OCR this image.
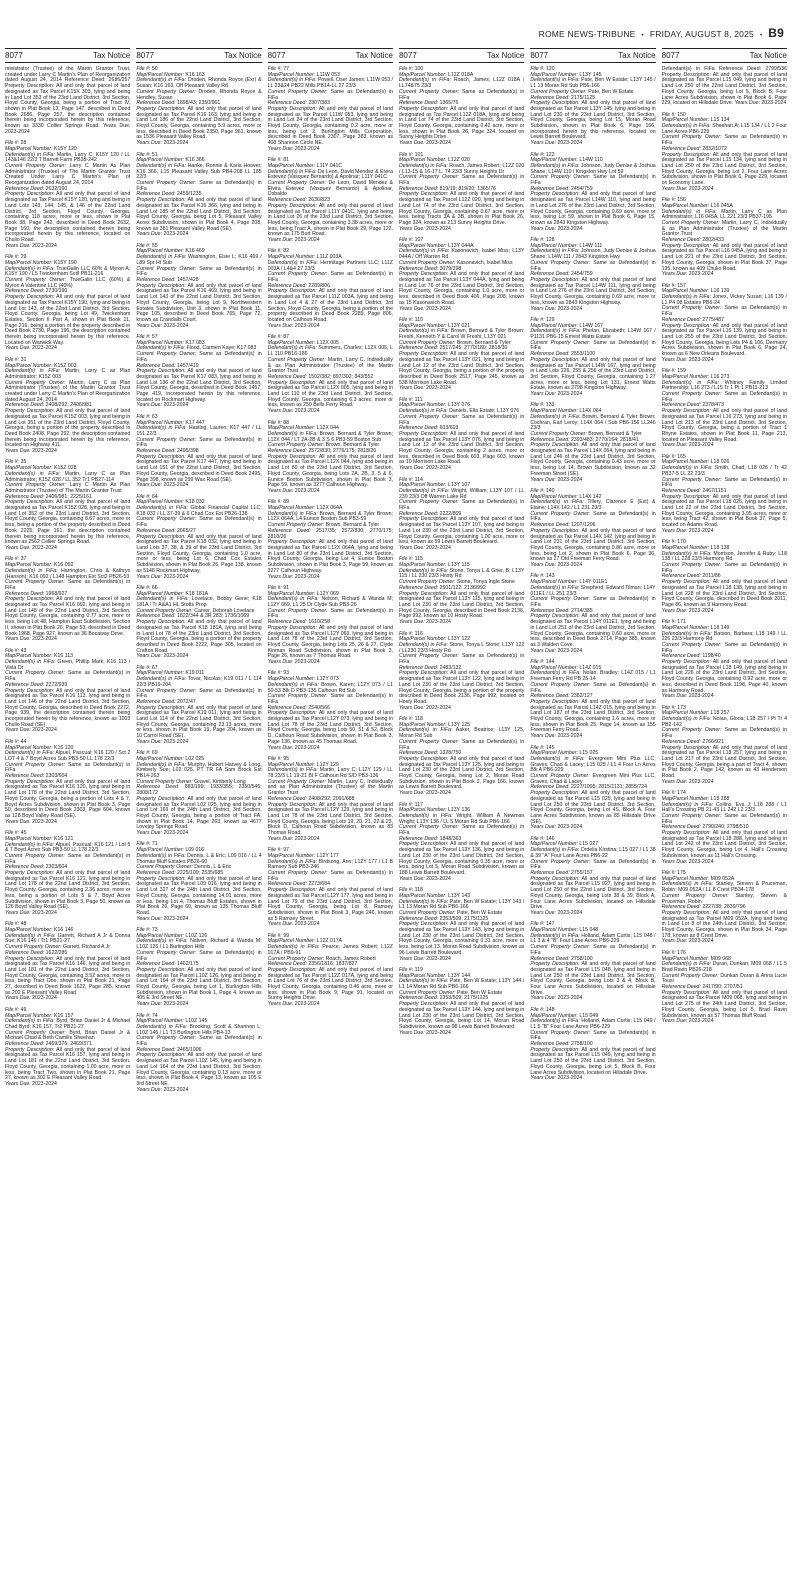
ROME NEWS-TRIBUNE • FRIDAY, AUGUST 8, 2025 • B9
8077	Tax Notice
ministrator (Trustee) of the Martin Grantor Trust, created under Larry C Martin's Plan of Reorganization dated August 24, 2014 Reference Deed: 2686/257 Property Description: All and only that parcel of land designated as Tax Parcel K15X 303, lying and being in Land Lot 353 of the 23rd Land District, 3rd Section, Floyd County, Georgia, being a portion of Tract IV, shown in Plat Book 13, Page 147, described in Deed Book 2686, Page 257, the description contained therein being incorporated herein by this reference, known as 3330 Collier Springs Road. Years Due: 2023-2024

File #: 28

Map/Parcel Number: K15Y 120

Defendant(s) in FiFa: Martin, Larry C; K15Y 120 / LL 143&146 22/3 T Barrett Farm PB38-242

Current Property Owner: Larry C Martin As Plan Administrator (Trustee) of The Martin Grantor Trust Created Under Larry C Martin's Plan of Reorganization dated August 24, 2014

Reference Deed: 2632/160

Property Description: All and only that parcel of land designated as Tax Parcel K15Y 120, lying and being in Land Lots 143, 144, 145, & 146 of the 22nd Land District, 3rd Section, Floyd County, Georgia, containing 118 acres, more or less, shown in Plat Book 38, Page 242, described in Deed Book 2632, Page 160, the description contained therein being incorporated herein by this reference, located on Chulio Road.

Years Due: 2023-2024

File #: 29

Map/Parcel Number: K15Y 190

Defendant(s) in FiFa: TrueGalin LLC 60% & Myron A; K15Y 190 / L5 Twickenham Sctll PB11-216

Current Property Owner: TrueGalin LLC (60%) & Myron A Valentine LLC (40%)

Reference Deed: 2730/196

Property Description: All and only that parcel of land designated as Tax Parcel K15Y 190, lying and being in Land Lot 143, of the 22nd Land District, 3rd Section, Floyd County, Georgia, being Lot 49, Twickenham Estates, Section II Part A, shown in Plat Book 11, Page 216, being a portion of the property described in Deed Book 2730, Page 196, the description contained therein being incorporated herein by this reference. Located on Warwick Way.

Years Due: 2023-2024

File #: 31

Map/Parcel Number: K15Z 003

Defendant(s) in FiFa: Martin, Larry C as Plan Administrator; K15Z 003

Current Property Owner: Martin, Larry C as Plan Administrator (Trustee) of the Martin Grantor Trust created under Larry C Martin's Plan of Reorganization dated August 24, 2014

Reference Deed: 2408/292; 2406/981

Property Description: All and only that parcel of land designated as Tax Parcel K15Z 003, lying and being in Land Lot 351 of the 23rd Land District, Floyd County, Georgia, being a portion of the property described in Deed Book 2408, Page 292, the description contained therein being incorporated herein by this reference, located on Highway 411.

Years Due: 2023-2024

File #: 35

Map/Parcel Number: K15Z 028

Defendant(s) in FiFa: Martin, Larry C as Plan Administrator; K15Z 028 / LL 352 Tr1 PB27-114

Current Property Owner: Larry C Martin As Plan Administrator (Trustee) of The Martin Grantor Trust

Reference Deed: 2406/981; 2225/161

Property Description: All and only that parcel of land designated as Tax Parcel K15Z 028, lying and being in Land Lot 352 of the 23rd Land District, 3rd Section, Floyd County, Georgia, containing 8.67 acres, more or less, being a portion of the property described in Deed Book 2225, Page 161, the description contained therein being incorporated herein by this reference, known as 2562 Collier Springs Road.

Years Due: 2023-2024

File #: 37

Map/Parcel Number: K16 092

Defendant(s) in FiFa: Harrington, Chris & Kathryn (Hanson); K16 092 / L148 Hampton Est Sct2 PB26-53

Current Property Owner: Same as Defendant(s) in FiFa

Reference Deed: 1968/927

Property Description: All and only that parcel of land designated as Tax Parcel K16 092, lying and being in Land Lot 148 of the 22nd Land District, 3rd Section, Floyd County, Georgia, containing 0.77 acre, more or less, being Lot 48, Hampton East Subdivision, Section II, shown in Plat Book 26, Page 53, described in Deed Book 1968, Page 927, known as 36 Bocaway Drive.

Years Due: 2023-2024

File #: 43

Map/Parcel Number: K16 113

Defendant(s) in FiFa: Green, Phillip Mark; K16 113 / Vista Dr

Current Property Owner: Same as Defendant(s) in FiFa

Reference Deed: 2272/939

Property Description: All and only that parcel of land designated as Tax Parcel K16 113, lying and being in Land Lot 146 of the 22nd Land District, 3rd Section, Floyd County, Georgia, described in Deed Book 2272, Page 939, the description contained therein being incorporated herein by this reference, known as 1003 Chulio Road (SE).

Years Due: 2023-2024

File #: 44

Map/Parcel Number: K16 120

Defendant(s) in FiFa: Alpuel, Pascual; K16 120 / Sct 2 LOT 4 & 7 Boyd Acres Sub PB3-50 LL 178 22/3

Current Property Owner: Same as Defendant(s) in FiFa

Reference Deed: 2303/604

Property Description: All and only that parcel of land designated as Tax Parcel K16 120, lying and being in Land Lot 178 of the 22nd Land District, 3rd Section, Floyd County, Georgia, being a portion of Lots 4 & 7, Boyd Acres Subdivision, shown in Plat Book 3, Page 50, described in Deed Book 2303, Page 604, known as 128 Boyd Valley Road (SE).

Years Due: 2023-2024

File #: 45

Map/Parcel Number: K16 121

Defendant(s) in FiFa: Alpuel, Pascual; K16 121 / Lot 5 & 7 Boyd Acres Sub PB3-50 LL 178 22/3

Current Property Owner: Same as Defendant(s) in FiFa

Reference Deed: 2303/604

Property Description: All and only that parcel of land designated as Tax Parcel K16 121, lying and being in Land Lot 178 of the 22nd Land District, 3rd Section, Floyd County, Georgia, containing 2.36 acres, more or less, being a portion of Lots 5 & 7, Boyd Acres Subdivision, shown in Plat Book 3, Page 50, known as 126 Boyd Valley Road (SE).

Years Due: 2023-2024

File #: 48

Map/Parcel Number: K16 146

Defendant(s) in FiFa: Garrett, Richard A Jr & Donna Sue; K16 146 / Tr1 PB21-27

Current Property Owner: Garrett, Richard A Jr

Reference Deed: 1622/285

Property Description: All and only that parcel of land designated as Tax Parcel K16 146, lying and being in Land Lot 181 of the 22nd Land District, 3rd Section, Floyd County, Georgia, containing 3.52 acres, more or less, being Tract One, shown in Plat Book 21, Page 27, described in Deed Book 1622, Page 285, known as 202 E Pleasant Valley Road.

Years Due: 2023-2024

File #: 49

Map/Parcel Number: K16 157

Defendant(s) in FiFa: Byrd, Brian Daniel Jr & Michael Chad Byrd; K16 157, Tr2 PB21-27

Current Property Owner: Byrd, Brian Daniel Jr & Michael Chad & Beth Camille Sheehan

Reference Deed: 2469/376; 2469/371

Property Description: All and only that parcel of land designated as Tax Parcel K16 157, lying and being in Land Lot 181 of the 22nd Land District, 3rd Section, Floyd County, Georgia, containing 1.00 acre, more or less, being Tract Two, shown in Plat Book 21, Page 27, known as 302 E Pleasant Valley Road.

Years Due: 2023-2024

8077	Tax Notice

File #: 50

Map/Parcel Number: K16 163

Defendant(s) in FiFa: Droden, Rhonda Royce (Exr) & Susan; K16 163, Off Pleasant Valley Rd

Current Property Owner: Droden, Rhonda Royce & Hendley, Susan

Reference Deed: 1898/43; 2350/961

Property Description: All and only that parcel of land designated as Tax Parcel K16 163, lying and being in Land Lot 186 of the 22nd Land District, 3rd Section, Floyd County, Georgia, containing 5.9 acres, more or less, described in Deed Book 2350, Page 961, known as 1536 Pleasant Valley Road.

Years Due: 2023-2024

File #: 51

Map/Parcel Number: K16 366

Defendant(s) in FiFa: Hanke, Ronnie & Karla Hoover; K16 366, L15 Pleasant Valley Sub PB4-208 LL 185 22/3

Current Property Owner: Same as Defendant(s) in FiFa

Reference Deed: 2459/1235

Property Description: All and only that parcel of land designated as Tax Parcel K16 366, lying and being in Land Lot 185 of the 22nd Land District, 3rd Section, Floyd County, Georgia, being Lot 5, Pleasant Valley Acres Subdivision, shown in Plat Book 4, Page 208, known as 381 Pleasant Valley Road (SE).

Years Due: 2023-2024

File #: 55

Map/Parcel Number: K16 469

Defendant(s) in FiFa: Washington, Elsie L; K16 469 / L89 Spr Ht Sub

Current Property Owner: Same as Defendant(s) in FiFa

Reference Deed: 1457/428

Property Description: All and only that parcel of land designated as Tax Parcel K16 469, lying and being in Land Lot 143 of the 22nd Land District, 3rd Section, Floyd County, Georgia, being Lot 9, Northwestern Estates Subdivision, Unit 3, shown in Plat Book 11, Page 105, described in Deed Book 765, Page 72, known as Crandalls Court.

Years Due: 2023-2024

File #: 57

Map/Parcel Number: K17 083

Defendant(s) in FiFa: Flood, Carmen Kaye; K17 083

Current Property Owner: Same as Defendant(s) in FiFa

Reference Deed: 1457/419

Property Description: All and only that parcel of land designated as Tax Parcel K17 083, lying and being in Land Lot 136 of the 22nd Land District, 3rd Section, Floyd County, Georgia, described in Deed Book 1457, Page 419, incorporated herein by this reference, located on Rockmart Highway.

Years Due: 2023-2024

File #: 63

Map/Parcel Number: K17 447

Defendant(s) in FiFa: Hasting, Lauren; K17 447 / LL 151 22/3

Current Property Owner: Same as Defendant(s) in FiFa

Reference Deed: 2495/398

Property Description: All and only that parcel of land designated as Tax Parcel K17 447, lying and being in Land Lot 151 of the 22nd Land District, 3rd Section, Floyd County, Georgia, described in Deed Book 2495, Page 398, known as 299 Wax Road (SE).

Years Due: 2023-2024

File #: 64

Map/Parcel Number: K18 032

Defendant(s) in FiFa: Global Financial Capital LLC; K18 032 / LL 37-39 & 6 Chad Cox Est PB26-138

Current Property Owner: Same as Defendant(s) in FiFa

Reference Deed: 2665/27

Property Description: All and only that parcel of land designated as Tax Parcel K18 032, lying and being in Land Lots 37, 38, & 39 of the 23rd Land District, 3rd Section, Floyd County, Georgia, containing 1.0 acre, more or less, being Lot 6, Chad Cox Estates Subdivision, shown in Plat Book 26, Page 138, known as 5148 Rockmart Highway.

Years Due: 2023-2024

File #: 66

Map/Parcel Number: K18 181A

Defendant(s) in FiFa: Lovelace, Bobby Gene; K18 181A / Tr A&A1 HL Stotts Prop

Current Property Owner: Carver, Deborah Lovelace

Reference Deed: 1822/344 & 3R 283; 1736/1069

Property Description: All and only that parcel of land designated as Tax Parcel K18 181A, lying and being in Land Lot 78 of the 23rd Land District, 3rd Section, Floyd County, Georgia, being a portion of the property described in Deed Book 2222, Page 305, located on Crafton Road.

Years Due: 2023-2024

File #: 67

Map/Parcel Number: K19 011

Defendant(s) in FiFa: Tovar, Nicolas; K19 011 / L 114 22/3 PB19-204

Current Property Owner: Same as Defendant(s) in FiFa

Reference Deed: 2072/47

Property Description: All and only that parcel of land designated as Tax Parcel K19 011, lying and being in Land Lot 114 of the 22nd Land District, 3rd Section, Floyd County, Georgia, containing 23.13 acres, more or less, shown in Plat Book 19, Page 204, known as 10 Carrol Road (SE).

Years Due: 2023-2024

File #: 69

Map/Parcel Number: L02 025

Defendant(s) in FiFa: Murphy, Hubert Harvey & Long, Kimberly Sue; L02 025, PT TR FA Sam Brock Est PB14-263

Current Property Owner: Gravel, Kimberly Long

Reference Deed: 883/199; 1933/355; 2350/546; 2808/172

Property Description: All and only that parcel of land designated as Tax Parcel L02 025, lying and being in Land Lot 169 of the 24th Land District, 3rd Section, Floyd County, Georgia, being a portion of Tract FA, shown in Plat Book 14, Page 263, known as 4677 Lovejoy Springs Road.

Years Due: 2023-2024

File #: 71

Map/Parcel Number: L09 016

Defendant(s) in FiFa: Dennis, L & Eric; L09 016 / LL 4 Thomas Bluff Estates PB26-60

Current Property Owner: Dennis, L & Eric

Reference Deed: 2225/109; 2535/685

Property Description: All and only that parcel of land designated as Tax Parcel L09 016, lying and being in Land Lot 327 of the 24th Land District, 3rd Section, Floyd County, Georgia, containing 14.01 acres, more or less, being Lot 4, Thomas Bluff Estates, shown in Plat Book 26, Page 60, known as 135 Thomas Bluff Road.

Years Due: 2023-2024

File #: 73

Map/Parcel Number: L10Z 126

Defendant(s) in FiFa: Nalven, Richard & Wanda M; L10Z 126 / L1 Burlington Hills

Current Property Owner: Same as Defendant(s) in FiFa

Reference Deed: 1462/175

Property Description: All and only that parcel of land designated as Tax Parcel L10Z 126, lying and being in Land Lot 164 of the 23rd Land District, 3rd Section, Floyd County, Georgia, being Lot 1, Burlington Hills Subdivision, shown in Plat Book 1, Page 4, known as 405 E 3rd Street NE.

Years Due: 2023-2024

File #: 74

Map/Parcel Number: L10Z 145

Defendant(s) in FiFa: Brooking, Scott & Shannon L; L10Z 145 / L1 T3 Burlington Hills PB4-13

Current Property Owner: Same as Defendant(s) in FiFa

Reference Deed: 2465/1006

Property Description: All and only that parcel of land designated as Tax Parcel L10Z 145, lying and being in Land Lot 164 of the 23rd Land District, 3rd Section, Floyd County, Georgia, containing 0.13 acre, more or less, shown in Plat Book 4, Page 13, known as 105 E 3rd Street NE.

Years Due: 2023-2024

8077	Tax Notice

File #: 77

Map/Parcel Number: L11W 053

Defendant(s) in FiFa: Powell, Oser James; L11W 053 / LL 23&24 PB22 Mills PB14-LL 27 23/3

Current Property Owner: Same as Defendant(s) in FiFa

Reference Deed: 2307/383

Property Description: All and only that parcel of land designated as Tax Parcel L11W 053, lying and being in Land Lot 24 of the 23rd Land District, 3rd Section, Floyd County, Georgia, containing 0.2 acre, more or less, being Lot 2, Burlington Mills Corporation, described in Deed Book 2307, Page 383, known as 408 Shannon Circle NE.

Years Due: 2023-2024

File #: 81

Map/Parcel Number: L11Y 041C

Defendant(s) in FiFa: De Leon, David Mendez & Elvira Estevez (Vasquez Bernardo) & Apolinar; L11Y 041C

Current Property Owner: De Leon, David Mendez & Elvira Estevez (Vasquez Bernardo) & Apolinar, Osbaldo

Reference Deed: 2636/823

Property Description: All and only that parcel of land designated as Tax Parcel L11Y 041C, lying and being in Land Lot 26 of the 23rd Land District, 3rd Section, Floyd County, Georgia, containing 3.38 acres, more or less, being Tract A, shown in Plat Book 29, Page 122, known as 175 Burt Road.

Years Due: 2023-2024

File #: 82

Map/Parcel Number: L11Z 003A

Defendant(s) in FiFa: Hermitage Partners LLC; L11Z 003A / L4&4 27 23/3

Current Property Owner: Same as Defendant(s) in FiFa

Reference Deed: 2289/806

Property Description: All and only that parcel of land designated as Tax Parcel L11Z 003A, lying and being in Land Lot 4 & 27 of the 23rd Land District, 3rd Section, Floyd County, Georgia, being a portion of the property described in Deed Book 2289, Page 806, located on Calhoun Road.

Years Due: 2023-2024

File #: 87

Map/Parcel Number: L12X 005

Defendant(s) in FiFa: Summers, Charles; L12X 005, L LL 110 PB16-186

Current Property Owner: Martin, Larry C, Individually & as Plan Administrator (Trustee) of the Martin Grantor Trust

Reference Deed: 1502/382; 897/302; 843/552

Property Description: All and only that parcel of land designated as Tax Parcel L12X 005, lying and being in Land Lot 110 of the 23rd Land District, 3rd Section, Floyd County, Georgia, containing 6.3 acres, more or less, known as 250 Bells Ferry Road.

Years Due: 2023-2024

File #: 88

Map/Parcel Number: L12X 044

Defendant(s) in FiFa: Brown, Bernard & Tyler Brown; L12X 044 / LT 2A-2B & 3 S 6 PB3-59 Boston Sub

Current Property Owner: Brown, Bernard & Tyler

Reference Deed: 2572/830; 2776/175; 2818/26

Property Description: All and only that parcel of land designated as Tax Parcel L12X 044, lying and being in Land Lot 80 of the 23rd Land District, 3rd Section, Floyd County, Georgia, being Lots 2A, 2B, 3, 5 & 6, Eunice Boston Subdivision, shown in Plat Book 3, Page 59, known as 3277 Calhoun Highway.

Years Due: 2023-2024

File #: 89

Map/Parcel Number: L12X 064A

Defendant(s) in FiFa: Brown, Bernard & Tyler Brown; L12X 064A, L4 Eunice Boston Sub PB3-59

Current Property Owner: Brown, Bernard & Tyler

Reference Deed: 2517/35; 2572/830; 2770/175; 2818/26

Property Description: All and only that parcel of land designated as Tax Parcel L12X 064A, lying and being in Land Lot 80 of the 23rd Land District, 3rd Section, Floyd County, Georgia, being Lot 4, Eunice Boston Subdivision, shown in Plat Book 3, Page 59, known as 3277 Calhoun Highway.

Years Due: 2023-2024

File #: 91

Map/Parcel Number: L12Y 069

Defendant(s) in FiFa: Nelson, Richard & Wanda M; L12Y 069, L1 25 Dr Clyde Sub PB3-26

Current Property Owner: Same as Defendant(s) in FiFa

Reference Deed: 1610/258

Property Description: All and only that parcel of land designated as Tax Parcel L12Y 069, lying and being in Land Lot 78 of the 23rd Land District, 3rd Section, Floyd County, Georgia, being Lots 25, 26 & 27, Clyde Kinman Road Subdivision, shown in Plat Book 3, Page 26, known as 7 Thomas Road.

Years Due: 2023-2024

File #: 93

Map/Parcel Number: L12Y 073

Defendant(s) in FiFa: Brown, Karen; L12Y 073 / L1 50-53 Blk D PB3-136 Calhoun Rd Sub

Current Property Owner: Same as Defendant(s) in FiFa

Reference Deed: 2540/566

Property Description: All and only that parcel of land designated as Tax Parcel L12Y 073, lying and being in Land Lot 78 of the 23rd Land District, 3rd Section, Floyd County, Georgia, being Lots 50, 51 & 52, Block D, Calhoun Road Subdivision, shown in Plat Book 3, Page 136, known as 45 Thomas Road.

Years Due: 2023-2024

File #: 95

Map/Parcel Number: L12Y 129

Defendant(s) in FiFa: Martin, Larry C; L12Y 129 / LL 78 23/3 L1 19-21 BI F Calhoun Rd S/D PB3-136

Current Property Owner: Martin, Larry C, Individually and as Plan Administrator (Trustee) of the Martin Grantor Trust

Reference Deed: 2408/292; 2091/688

Property Description: All and only that parcel of land designated as Tax Parcel L12Y 129, lying and being in Land Lot 78 of the 23rd Land District, 3rd Section, Floyd County, Georgia, being Lots 19, 20, 21, 22 & 23, Block D, Calhoun Road Subdivision, known as 83 Thomas Road.

Years Due: 2023-2024

File #: 97

Map/Parcel Number: L12Y 177

Defendant(s) in FiFa: Birdsong, Ann; L12Y 177 / L1 B Ramsey Sub PB3-246

Current Property Owner: Same as Defendant(s) in FiFa

Reference Deed: 2273/684

Property Description: All and only that parcel of land designated as Tax Parcel L12Y 177, lying and being in Land Lot 79 of the 23rd Land District, 3rd Section, Floyd County, Georgia, being Lot 8, Ramsey Subdivision, shown in Plat Book 3, Page 246, known as 5 Ramsey Street.

Years Due: 2023-2024

File #: 99

Map/Parcel Number: L12Z 017A

Defendant(s) in FiFa: Pearce, James Robert; L12Z 017A / PB9-91

Current Property Owner: Roach, James Robert

Reference Deed: 2356/1816; 1837/827

Property Description: All and only that parcel of land designated as Tax Parcel L12Z 017A, lying and being in Land Lot 76 of the 23rd Land District, 3rd Section, Floyd County, Georgia, containing 0.46 acre, more or less, shown in Plat Book 9, Page 91, located on Sunny Heights Drive.

Years Due: 2023-2024

8077	Tax Notice

File #: 100

Map/Parcel Number: L12Z 018A

Defendant(s) in FiFa: Roach, James; L12Z 018A / LL74&75 23/3

Current Property Owner: Same as Defendant(s) in FiFa

Reference Deed: 1365/76

Property Description: All and only that parcel of land designated as Tax Parcel L12Z 018A, lying and being in Land Lot 74 of the 23rd Land District, 3rd Section, Floyd County, Georgia, containing 0.42 acre, more or less, shown in Plat Book 26, Page 324, located on Sunny Heights Drive.

Years Due: 2023-2024

File #: 101

Map/Parcel Number: L12Z 020

Defendant(s) in FiFa: Roach, James Robert; L12Z 020 / L13-15 & 16-17 L. 74 23/3 Sunny Heights Dr

Current Property Owner: Same as Defendant(s) in FiFa

Reference Deed: 819/19; 819/20; 1365/76

Property Description: All and only that parcel of land designated as Tax Parcel L12Z 020, lying and being in Land Lot 74 of the 23rd Land District, 3rd Section, Floyd County, Georgia, containing 0.67 acre, more or less, being Tracts 3A & 3B, shown in Plat Book 26, Page 324, known as 213 Sunny Heights Drive.

Years Due: 2023-2024

File #: 107

Map/Parcel Number: L13Y 044A

Defendant(s) in FiFa: Kasonavich, Isabel Miss; L13Y 044A / Off Warren Rd

Current Property Owner: Kasonavich, Isabel Miss

Reference Deed: 3079/298

Property Description: All and only that parcel of land designated as Tax Parcel L13Y 044A, lying and being in Land Lot 76 of the 23rd Land District, 3rd Section, Floyd County, Georgia, containing 1.0 acre, more or less, described in Deed Book 406, Page 208, known as 15 Kasonavich Road.

Years Due: 2023-2024

File #: 110

Map/Parcel Number: L13Y 021

Defendant(s) in FiFa: Brown, Bernard & Tyler Brown; Freshi, Kenneth Y & Carol W Freshi; L13Y 021

Current Property Owner: Brown, Bernard & Tyler

Reference Deed: 2517/245; 2770/180; 2818/30

Property Description: All and only that parcel of land designated as Tax Parcel L13Y 021, lying and being in Land Lot 12 of the 23rd Land District, 3rd Section, Floyd County, Georgia, being a portion of the property described in Deed Book 2517, Page 245, known as 538 Morrison Lake Road.

Years Due: 2023-2024

File #: 111

Map/Parcel Number: L13Y 076

Defendant(s) in FiFa: Daniels, Ella Estate; L13Y 076

Current Property Owner: Same as Defendant(s) in FiFa

Reference Deed: 603/603

Property Description: All and only that parcel of land designated as Tax Parcel L13Y 076, lying and being in Land Lot 12 of the 23rd Land District, 3rd Section, Floyd County, Georgia, containing 2 acres, more or less, described in Deed Book 603, Page 603, known as 10 Morrison Lake Road.

Years Due: 2023-2024

File #: 114

Map/Parcel Number: L13Y 107

Defendant(s) in FiFa: Wright, William; L13Y 107 / LL 230 23/3 Off Warren Lake Rd

Current Property Owner: Same as Defendant(s) in FiFa

Reference Deed: 2222/809

Property Description: All and only that parcel of land designated as Tax Parcel L13Y 107, lying and being in Land Lot 230 of the 23rd Land District, 3rd Section, Floyd County, Georgia, containing 1.00 acre, more or less, known as 59 Lewis Barrett Boulevard.

Years Due: 2023-2024

File #: 115

Map/Parcel Number: L13Y 115

Defendant(s) in FiFa: Stone, Tonya L & Grier, B; L13Y 115 / LL 230 23/3 Hosty Rd

Current Property Owner: Stone, Tonya Ingle Stone

Reference Deed: 2601/122; 2136/992

Property Description: All and only that parcel of land designated as Tax Parcel L13Y 115, lying and being in Land Lot 230 of the 23rd Land District, 3rd Section, Floyd County, Georgia, described in Deed Book 2136, Page 992, known as 10 Hosty Road.

Years Due: 2023-2024

File #: 116

Map/Parcel Number: L13Y 122

Defendant(s) in FiFa: Stone, Tonya L Stone; L13Y 122 / LL230 23/3 Hosty Rd

Current Property Owner: Same as Defendant(s) in FiFa

Reference Deed: 2483/132

Property Description: All and only that parcel of land designated as Tax Parcel L13Y 122, lying and being in Land Lot 230 of the 23rd Land District, 3rd Section, Floyd County, Georgia, being a portion of the property described in Deed Book 2136, Page 992, located on Hosty Road.

Years Due: 2023-2024

File #: 118

Map/Parcel Number: L13Y 125

Defendant(s) in FiFa: Aaker, Beatrice; L13Y 125, Moran Rd Sub

Current Property Owner: Same as Defendant(s) in FiFa

Reference Deed: 1328/750

Property Description: All and only that parcel of land designated as Tax Parcel L13Y 125, lying and being in Land Lot 230 of the 23rd Land District, 3rd Section, Floyd County, Georgia, being Lot 2, Moran Road Subdivision, shown in Plat Book 2, Page 166, known as Lewis Barrett Boulevard.

Years Due: 2023-2024

File #: 117

Map/Parcel Number: L13Y 136

Defendant(s) in FiFa: Wright, William A Newman Wright; L13Y 136 / LL 5 Moran Rd Sub PB6-166

Current Property Owner: Same as Defendant(s) in FiFa

Reference Deed: 1848/363

Property Description: All and only that parcel of land designated as Tax Parcel L13Y 136, lying and being in Land Lot 230 of the 23rd Land District, 3rd Section, Floyd County, Georgia, containing 0.35 acre, more or less, being Lot 5, Moran Road Subdivision, known as 188 Lewis Barrett Boulevard.

Years Due: 2023-2024

File #: 118

Map/Parcel Number: L13Y 143

Defendant(s) in FiFa: Pate, Ben W Estate; L13Y 143 / L1 13 Moran Rd Sub PB6-166

Current Property Owner: Pate, Ben W Estate

Reference Deed: 2353/509; 2175/1125

Property Description: All and only that parcel of land designated as Tax Parcel L13Y 143, lying and being in Land Lot 230 of the 23rd Land District, 3rd Section, Floyd County, Georgia, containing 0.31 acre, more or less, being Lot 13, Moran Road Subdivision, known as 96 Lewis Barrett Boulevard.

Years Due: 2023-2024

File #: 119

Map/Parcel Number: L13Y 144

Defendant(s) in FiFa: Pate, Ben W Estate; L13Y 144 / L1 14 Moran Rd Sub PB6-166

Current Property Owner: Pate, Ben W Estate

Reference Deed: 2353/509; 2175/1125

Property Description: All and only that parcel of land designated as Tax Parcel L13Y 144, lying and being in Land Lot 230 of the 23rd Land District, 3rd Section, Floyd County, Georgia, being Lot 14, Moran Road Subdivision, known as 98 Lewis Barrett Boulevard.

Years Due: 2023-2024

8077	Tax Notice

File #: 120

Map/Parcel Number: L13Y 145

Defendant(s) in FiFa: Pate, Ben W Estate; L13Y 145 / L1 13 Moran Rd Sub PB6-166

Current Property Owner: Pate, Ben W Estate

Reference Deed: 2175/1125

Property Description: All and only that parcel of land designated as Tax Parcel L13Y 145, lying and being in Land Lot 230 of the 23rd Land District, 3rd Section, Floyd County, Georgia, being Lot 15, Moran Road Subdivision, shown in Plat Book 6, Page 166, incorporated herein by this reference, located on Lewis Barrett Boulevard.

Years Due: 2023-2024

File #: 122

Map/Parcel Number: L14W 110

Defendant(s) in FiFa: Johnson, Judy Denise & Joshua Shane; L14W 110 / Kingston Hwy Lot 59

Current Property Owner: Same as Defendant(s) in FiFa

Reference Deed: 2454/759

Property Description: All and only that parcel of land designated as Tax Parcel L14W 110, lying and being in Land Lot 276 of the 23rd Land District, 3rd Section, Floyd County, Georgia, containing 0.69 acre, more or less, being Lot 59, shown in Plat Book 6, Page 15, known as 2843 Kingston Highway.

Years Due: 2023-2024

File #: 128

Map/Parcel Number: L14W 111

Defendant(s) in FiFa: Johnson, Judy Denise & Joshua Shane; L14W 111 / 2843 Kingston Hwy

Current Property Owner: Same as Defendant(s) in FiFa

Reference Deed: 2454/759

Property Description: All and only that parcel of land designated as Tax Parcel L14W 111, lying and being in Land Lot 276 of the 23rd Land District, 3rd Section, Floyd County, Georgia, containing 0.69 acre, more or less, known as 2843 Kingston Highway.

Years Due: 2023-2024

File #: 129

Map/Parcel Number: L14W 167

Defendant(s) in FiFa: Phelan, Elizabeth; L14W 167 / P1131 PB6-15 Ernest Watts Estate

Current Property Owner: Same as Defendant(s) in FiFa

Reference Deed: 2553/1100

Property Description: All and only that parcel of land designated as Tax Parcel L14W 167, lying and being in Land Lots 226, 255 & 256 of the 23rd Land District, 3rd Section, Floyd County, Georgia, containing 1.27 acres, more or less, being Lot 131, Ernest Watts Estate, known as 2798 Kingston Highway.

Years Due: 2023-2024

File #: 133

Map/Parcel Number: L14X 064

Defendant(s) in FiFa: Brown, Bernard & Tyler Brown; Cochran, Earl Leroy; L14X 064 / Sub PB6-156 LL246 23/3

Current Property Owner: Brown, Bernard & Tyler

Reference Deed: 2393/483; 2770/164; 2818/41

Property Description: All and only that parcel of land designated as Tax Parcel L14X 064, lying and being in Land Lot 246 of the 23rd Land District, 3rd Section, Floyd County, Georgia, containing 0.43 acre, more or less, being Lot 14, Brown Subdivision, known as 32 Freeman Street (SE).

Years Due: 2023-2024

File #: 140

Map/Parcel Number: L14X 142

Defendant(s) in FiFa: Tillery, Clarence E (Est) & Elaine; L14X 142 / L1 231 23/3

Current Property Owner: Same as Defendant(s) in FiFa

Reference Deed: 1207/1206

Property Description: All and only that parcel of land designated as Tax Parcel L14X 142, lying and being in Land Lot 231 of the 23rd Land District, 3rd Section, Floyd County, Georgia, containing 0.86 acre, more or less, being Lot 2, shown in Plat Book 6, Page 36, known as 27 Old Freeman Ferry Road.

Years Due: 2023-2024

File #: 143

Map/Parcel Number: L14Y 011E1

Defendant(s) in FiFa: Shepherd, Edward Tilman; L14Y 011E1 / LL 251 23/3

Current Property Owner: Same as Defendant(s) in FiFa

Reference Deed: 2714/385

Property Description: All and only that parcel of land designated as Tax Parcel L14Y 011E1, lying and being in Land Lot 251 of the 23rd Land District, 3rd Section, Floyd County, Georgia, containing 0.60 acre, more or less, described in Deed Book 2714, Page 385, known as 3 Walden Cove.

Years Due: 2023-2024

File #: 144

Map/Parcel Number: L14Z 015

Defendant(s) in FiFa: Nolan, Bradley; L14Z 015 / L1 Freeman Ferry Rd PB 25-14

Current Property Owner: Same as Defendant(s) in FiFa

Reference Deed: 2382/127

Property Description: All and only that parcel of land designated as Tax Parcel L14Z 015, lying and being in Land Lot 187 of the 23rd Land District, 3rd Section, Floyd County, Georgia, containing 1.6 acres, more or less, shown in Plat Book 25, Page 14, known as 155 Freeman Ferry Road.

Years Due: 2023-2024

File #: 145

Map/Parcel Number: L15 025

Defendant(s) in FiFa: Evergreen Mini Plus LLC; Graves, Chad & Lacey; L15 025 / L1 4 Four Ln Acres Blk A PB6-229

Current Property Owner: Evergreen Mini Plus LLC, Graves, Chad & Lacey

Reference Deed: 2227/1095; 2815/1131; 2855/724

Property Description: All and only that parcel of land designated as Tax Parcel L15 025, lying and being in Land Lot 250 of the 23rd Land District, 3rd Section, Floyd County, Georgia, being Lot 4S, Block A, Four Lane Acres Subdivision, known as 85 Hillsdale Drive (SE).

Years Due: 2023-2024

File #: 146

Map/Parcel Number: L15 027

Defendant(s) in FiFa: Ordelia Kirstina; L15 027 / L1 38 & 39 "A" Four Lane Acres PB6-22

Current Property Owner: Same as Defendant(s) in FiFa

Reference Deed: 2755/157

Property Description: All and only that parcel of land designated as Tax Parcel L15 027, lying and being in Land Lot 250 of the 22nd Land District, 3rd Section, Floyd County, Georgia, being Lots 38 & 39, Block A, Four Lane Acres Subdivision, located on Hillsdale Drive.

Years Due: 2023-2024

File #: 147

Map/Parcel Number: L15 048

Defendant(s) in FiFa: Holland, Adam Curtis; L15 048 / L1 3 & 4 "B" Four Lane Acres PB6-229

Current Property Owner: Same as Defendant(s) in FiFa

Reference Deed: 2758/100

Property Description: All and only that parcel of land designated as Tax Parcel L15 048, lying and being in Land Lot 250 of the 23rd Land District, 3rd Section, Floyd County, Georgia, being Lots 3 & 4, Block B, Four Lane Acres Subdivision, located on Hillsdale Drive.

Years Due: 2023-2024

File #: 148

Map/Parcel Number: L15 049

Defendant(s) in FiFa: Holland, Adam Curtis; L15 049 / L1 5 "B" Four Lane Acres PB6-229

Current Property Owner: Same as Defendant(s) in FiFa

Reference Deed: 2758/100

Property Description: All and only that parcel of land designated as Tax Parcel L15 049, lying and being in Land Lot 250 of the 23rd Land District, 3rd Section, Floyd County, Georgia, being Lot 5, Block B, Four Lane Acres Subdivision, located on Hillsdale Drive.

Years Due: 2023-2024

8077	Tax Notice
Defendant(s) in FiFa Reference Deed: 2799/536 Property Description: All and only that parcel of land designated as Tax Parcel L15 049, lying and being in Land Lot 250 of the 22nd Land District, 3rd Section, Floyd County, Georgia, being Lot 5, Block B, Four Lane Acres Subdivision, shown in Plat Book 6, Page 229, located on Hillsdale Drive. Years Due: 2023-2024

File #: 150

Map/Parcel Number: L15 134

Defendant(s) in FiFa: Sheehan A; L15 134 / L1 2 Four Lane Acres PB6-229

Current Property Owner: Same as Defendant(s) in FiFa

Reference Deed: 2832/1072

Property Description: All and only that parcel of land designated as Tax Parcel L15 134, lying and being in Land Lot 250 of the 23rd Land District, 3rd Section, Floyd County, Georgia, being Lot 2, Four Lane Acres Subdivision, shown in Plat Book 6, Page 229, located on Economy Lane.

Years Due: 2023-2024

File #: 156

Map/Parcel Number: L16 045A

Defendant(s) in FiFa: Martin, Larry C as Plan Administrator; L16 045A, LL 221 23/3 PB37-195

Current Property Owner: Martin, Larry C, Individually & as Plan Administrator (Trustee) of the Martin Grantor Trust

Reference Deed: 2802/433

Property Description: All and only that parcel of land designated as Tax Parcel L16 045A, lying and being in Land Lot 221 of the 23rd Land District, 3rd Section, Floyd County, Georgia, shown in Plat Book 37, Page 195, known as 409 Chulio Road.

Years Due: 2023-2024

File #: 157

Map/Parcel Number: L16 139

Defendant(s) in FiFa: Jones, Vickey Susan; L16 139 / L1 P4 08 Estates PB6-24

Current Property Owner: Same as Defendant(s) in FiFa

Reference Deed: 2775/487

Property Description: All and only that parcel of land designated as Tax Parcel L16 139, lying and being in Land Lot 255 of the 23rd Land District, 3rd Section, Floyd County, Georgia, being Lots P4 & 106, Dermany Acres Subdivision, shown in Plat Book 6, Page 24, known as 6 New Orleans Boulevard.

Years Due: 2023-2024

File #: 159

Map/Parcel Number: L16 273

Defendant(s) in FiFa: Whitney Family Limited Partnership; L16 273 / L15 Tr 1 Pt 1 PB11-213

Current Property Owner: Same as Defendant(s) in FiFa

Reference Deed: 2378/473

Property Description: All and only that parcel of land designated as Tax Parcel L16 273, lying and being in Land Lot 213 of the 23rd Land District, 3rd Section, Floyd County, Georgia, being a portion of Tract 1 Rhyne Estates, shown in Plat Book 11, Page 213, located on Pleasant Valley Road.

Years Due: 2023-2024

File #: 165

Map/Parcel Number: L18 026

Defendant(s) in FiFa: Smith, Chad; L18 026 / Tr 42 PB37-5 LL 22 23/3

Current Property Owner: Same as Defendant(s) in FiFa

Reference Deed: 2467/1151

Property Description: All and only that parcel of land designated as Tax Parcel L18 026, lying and being in Land Lot 22 of the 23rd Land District, 3rd Section, Floyd County, Georgia, containing 3.95 acres, more or less, being Tract 42, shown in Plat Book 37, Page 5, located on Adams Road.

Years Due: 2023-2024

File #: 170

Map/Parcel Number: L18 138

Defendant(s) in FiFa: Morrison, Jennifer & Ruby; L18 138 / LL 228 23/3 Harmony Rd

Current Property Owner: Same as Defendant(s) in FiFa

Reference Deed: 2011/86

Property Description: All and only that parcel of land designated as Tax Parcel L18 138, lying and being in Land Lot 228 of the 23rd Land District, 3rd Section, Floyd County, Georgia, described in Deed Book 2011, Page 86, known as 9 Harmony Road.

Years Due: 2023-2024

File #: 171

Map/Parcel Number: L18 149

Defendant(s) in FiFa: Batson, Barbara; L18 149 / LL 226 23/3 Harmony Rd

Current Property Owner: Same as Defendant(s) in FiFa

Reference Deed: 1198/40

Property Description: All and only that parcel of land designated as Tax Parcel L18 149, lying and being in Land Lot 226 of the 23rd Land District, 3rd Section, Floyd County, Georgia, containing 0.92 acre, more or less, described in Deed Book 1198, Page 40, known as Harmony Road.

Years Due: 2023-2024

File #: 173

Map/Parcel Number: L18 257

Defendant(s) in FiFa: Nolan, Gloria; L18 257 / Pt Tr 4 PB2-142

Current Property Owner: Same as Defendant(s) in FiFa

Reference Deed: 2766/921

Property Description: All and only that parcel of land designated as Tax Parcel L18 257, lying and being in Land Lot 217 of the 23rd Land District, 3rd Section, Floyd County, Georgia, being a part of Tract 4, shown in Plat Book 2, Page 142, known as 43 Henderson Road.

Years Due: 2023-2024

File #: 174

Map/Parcel Number: L18 288

Defendant(s) in FiFa: Collins, Eva J; L18 288 / L1 Hall's Crossing PB 21-43 LL 242 L2 23/3

Current Property Owner: Same as Defendant(s) in FiFa

Reference Deed: 2790/240; 2798/510

Property Description: All and only that parcel of land designated as Tax Parcel L18 288, lying and being in Land Lot 242 of the 23rd Land District, 3rd Section, Floyd County, Georgia, being Lot 4, Hall's Crossing Subdivision, known as 11 Hall's Crossing.

Years Due: 2023-2024

File #: 175

Map/Parcel Number: M09 052A

Defendant(s) in FiFa: Stanley, Steven & Pruceman, Robin; M09 052A / LL 8 Crest PB34-178

Current Property Owner: Stanley, Steven & Pruceman, Robin

Reference Deed: 2227/38; 2839/796

Property Description: All and only that parcel of land designated as Tax Parcel M09 052A, lying and being in Land Lot 8 of the 24th Land District, 3rd Section, Floyd County, Georgia, shown in Plat Book 34, Page 178, known as 8 Crest Drive.

Years Due: 2023-2024

File #: 176

Map/Parcel Number: M09 068

Defendant(s) in FiFa: Duran, Dunkan; M09 068 / L1 5 Brad Ravin PB26-218

Current Property Owner: Dunkan Duran & Anna Lucie Tousi

Reference Deed: 2417/90; 2707/51

Property Description: All and only that parcel of land designated as Tax Parcel M09 068, lying and being in Land Lot 275 of the 24th Land District, 3rd Section, Floyd County, Georgia, being Lot 5, Brad Ravin Subdivision, known as 57 Thomas Bluff Road.

Years Due: 2023-2024
